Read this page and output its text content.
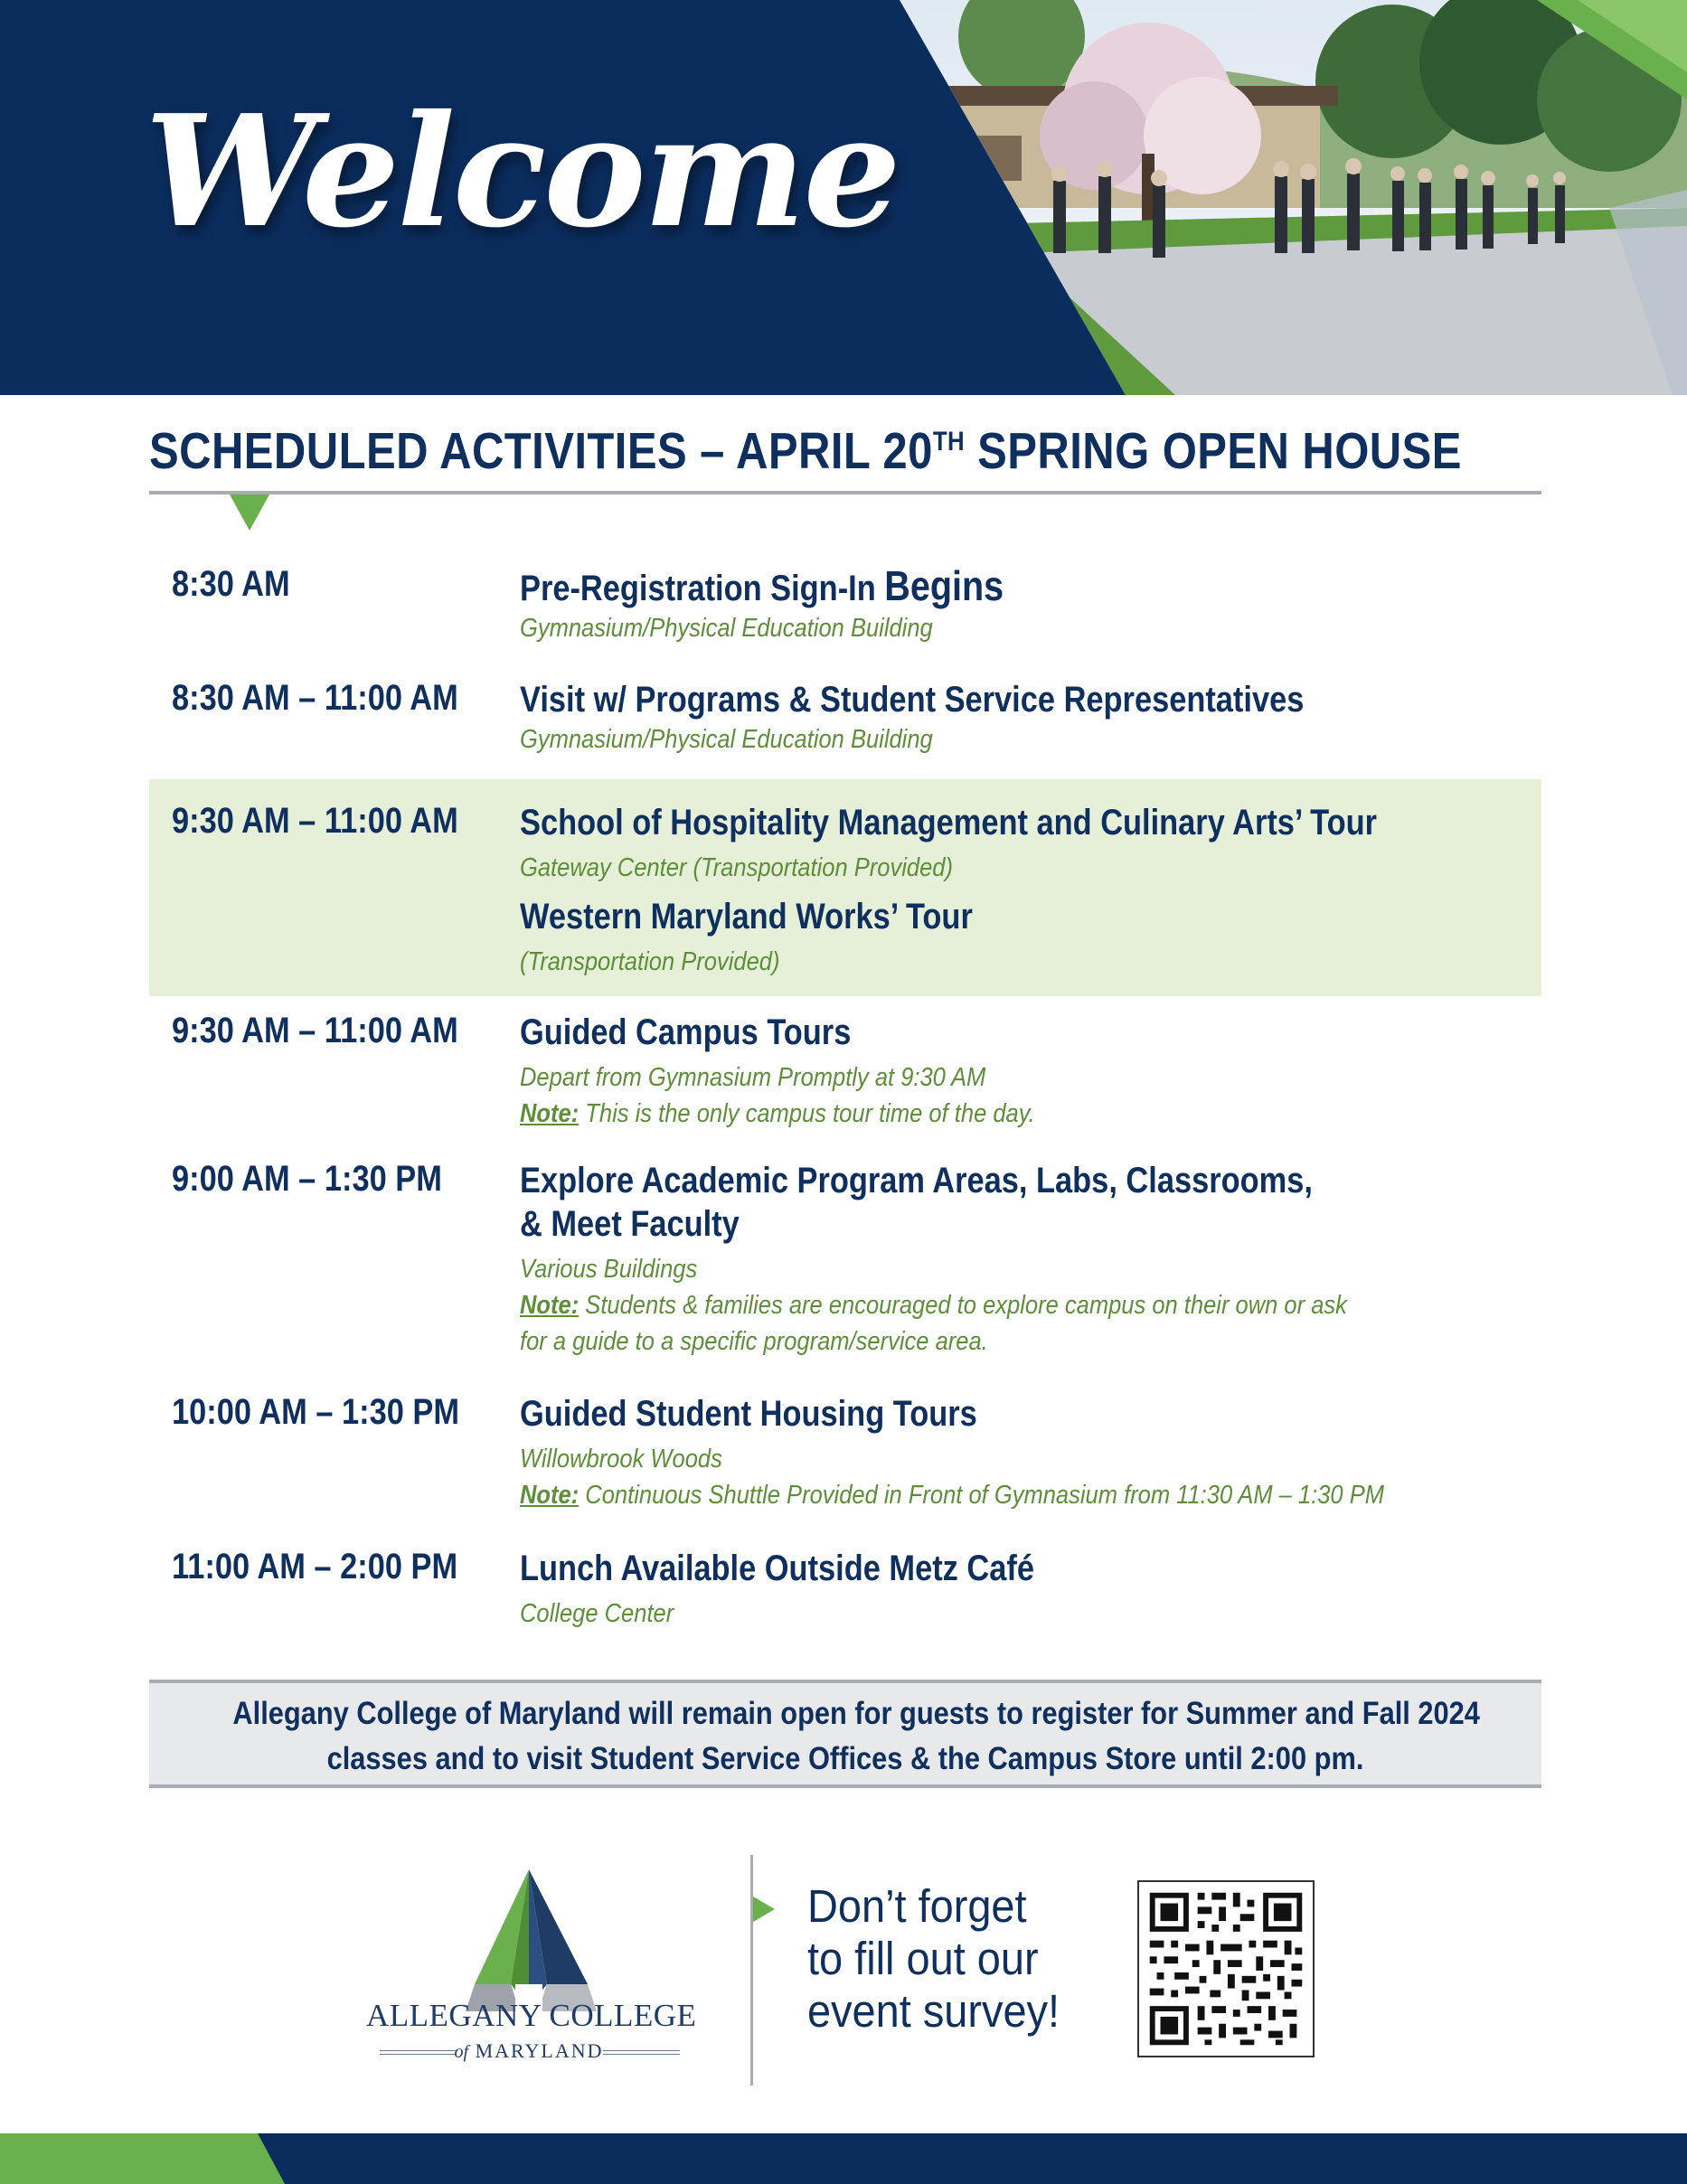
Welcome
SCHEDULED ACTIVITIES – APRIL 20TH SPRING OPEN HOUSE
8:30 AM	Pre-Registration Sign-In Begins
Gymnasium/Physical Education Building
8:30 AM – 11:00 AM Visit w/ Programs & Student Service Representatives
Gymnasium/Physical Education Building
9:30 AM – 11:00 AM School of Hospitality Management and Culinary Arts’ Tour
Gateway Center (Transportation Provided)
Western Maryland Works’ Tour
(Transportation Provided)
9:30 AM – 11:00 AM Guided Campus Tours
Depart from Gymnasium Promptly at 9:30 AM
Note: This is the only campus tour time of the day.
9:00 AM – 1:30 PM Explore Academic Program Areas, Labs, Classrooms,
& Meet Faculty
Various Buildings
Note: Students & families are encouraged to explore campus on their own or ask
for a guide to a specific program/service area.
10:00 AM – 1:30 PM Guided Student Housing Tours
Willowbrook Woods
Note: Continuous Shuttle Provided in Front of Gymnasium from 11:30 AM – 1:30 PM
11:00 AM – 2:00 PM Lunch Available Outside Metz Café
College Center
Allegany College of Maryland will remain open for guests to register for Summer and Fall 2024
classes and to visit Student Service Offices & the Campus Store until 2:00 pm.
ALLEGANY COLLEGE
of MARYLAND
Don’t forget
to fill out our
event survey!
